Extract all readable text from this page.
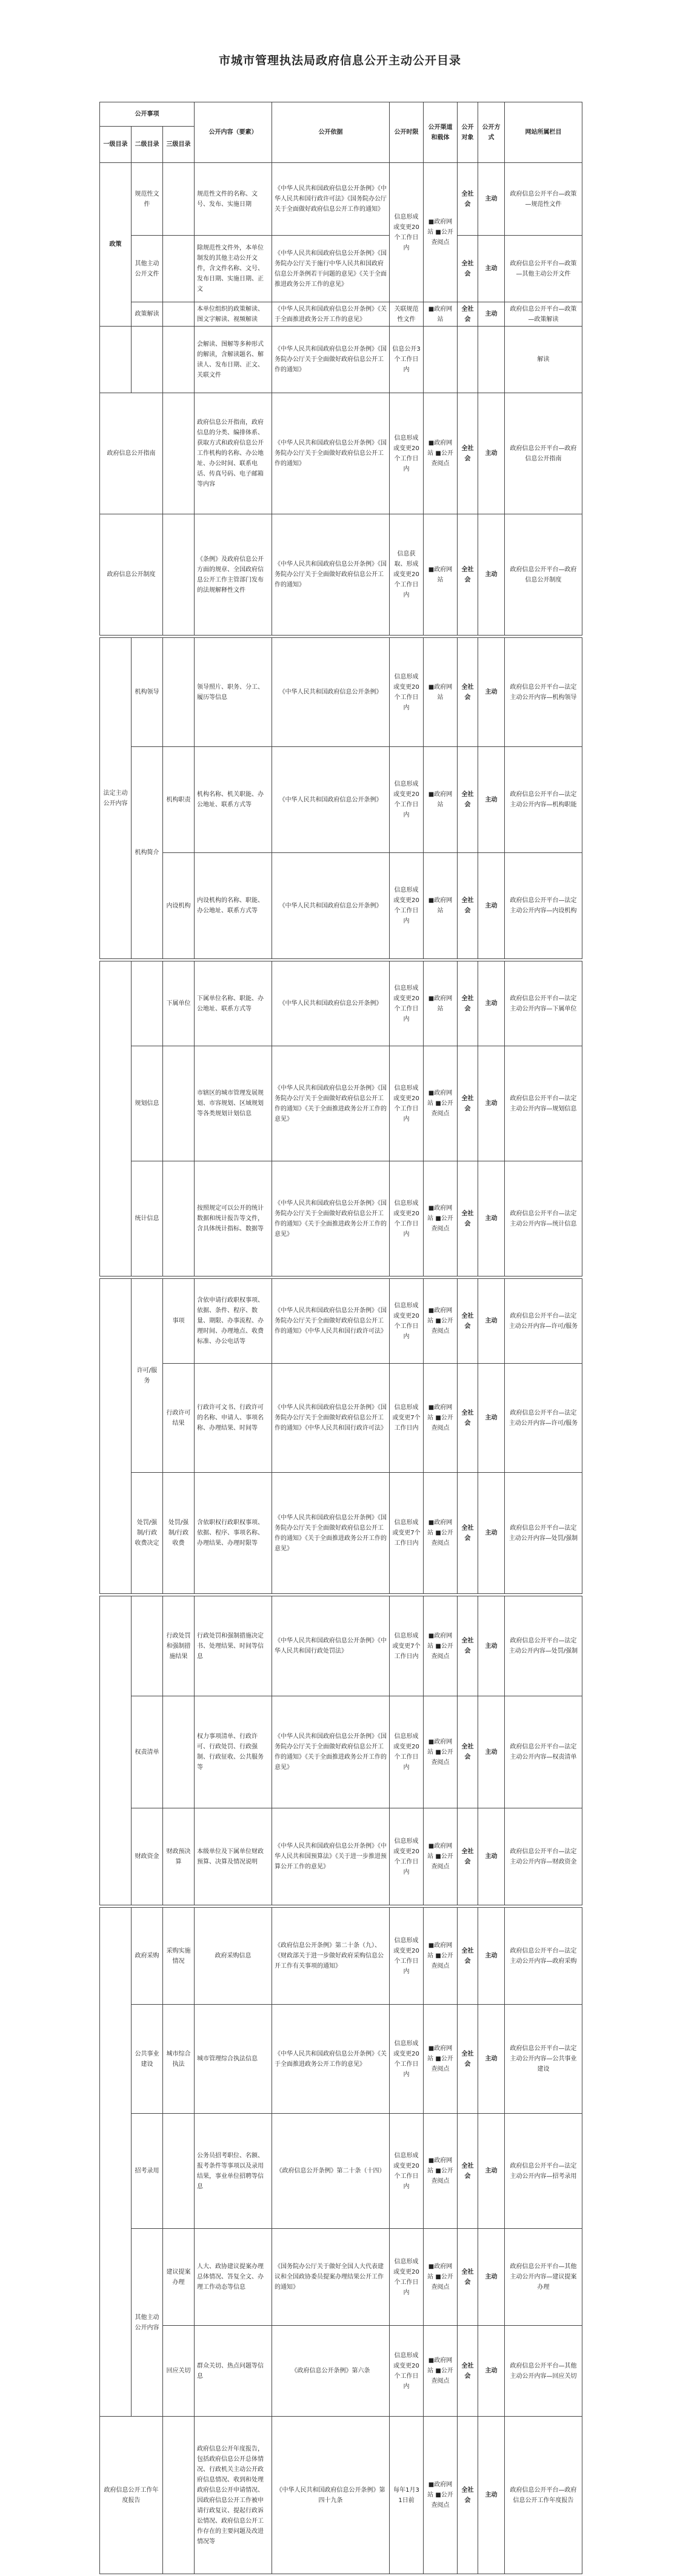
市城市管理执法局政府信息公开主动公开目录
公开事项			公开内容（要素）	公开依据	公开时限	公开渠道和载体	公开对象	公开方式	网站所属栏目
一级目录	二级目录	三级目录							
政策	规范性文件		规范性文件的名称、文号、发布、实施日期	《中华人民共和国政府信息公开条例》《中华人民共和国行政许可法》《国务院办公厅关于全面做好政府信息公开工作的通知》	信息形成或变更20个工作日内	■政府网站 ■公开查阅点	全社会	主动	政府信息公开平台—政策—规范性文件
	其他主动公开文件		除规范性文件外，本单位制发的其他主动公开文件，含文件名称、文号、发布日期、实施日期、正文	《中华人民共和国政府信息公开条例》《国务院办公厅关于施行中华人民共和国政府信息公开条例若干问题的意见》《关于全面推进政务公开工作的意见》			全社会	主动	政府信息公开平台—政策—其他主动公开文件
	政策解读		本单位组织的政策解读、图文字解读、视频解读	《中华人民共和国政府信息公开条例》《关于全面推进政务公开工作的意见》	关联规范性文件	■政府网站	全社会	主动	政府信息公开平台—政策—政策解读
			会解读、图解等多种形式的解读，含解读题名、解读人、发布日期、正文、关联文件	《中华人民共和国政府信息公开条例》《国务院办公厅关于全面做好政府信息公开工作的通知》	信息公开3个工作日内				解读
政府信息公开指南			政府信息公开指南，政府信息的分类、编排体系、获取方式和政府信息公开工作机构的名称、办公地址、办公时间、联系电话、传真号码、电子邮箱等内容	《中华人民共和国政府信息公开条例》《国务院办公厅关于全面做好政府信息公开工作的通知》	信息形成或变更20个工作日内	■政府网站 ■公开查阅点	全社会	主动	政府信息公开平台—政府信息公开指南
政府信息公开制度			《条例》及政府信息公开方面的规章、全国政府信息公开工作主管部门发布的法规解释性文件	《中华人民共和国政府信息公开条例》《国务院办公厅关于全面做好政府信息公开工作的通知》	信息获取、形成或变更20个工作日内	■政府网站	全社会	主动	政府信息公开平台—政府信息公开制度
法定主动公开内容	机构领导		领导照片、职务、分工、履历等信息	《中华人民共和国政府信息公开条例》	信息形成或变更20个工作日内	■政府网站	全社会	主动	政府信息公开平台—法定主动公开内容—机构领导
	机构简介	机构职责	机构名称、机关职能、办公地址、联系方式等	《中华人民共和国政府信息公开条例》	信息形成或变更20个工作日内	■政府网站	全社会	主动	政府信息公开平台—法定主动公开内容—机构职能
		内设机构	内设机构的名称、职能、办公地址、联系方式等	《中华人民共和国政府信息公开条例》	信息形成或变更20个工作日内	■政府网站	全社会	主动	政府信息公开平台—法定主动公开内容—内设机构
		下属单位	下属单位名称、职能、办公地址、联系方式等	《中华人民共和国政府信息公开条例》	信息形成或变更20个工作日内	■政府网站	全社会	主动	政府信息公开平台—法定主动公开内容—下属单位
	规划信息		市辖区的城市管理发展规划、市容规划、区域规划等各类规划计划信息	《中华人民共和国政府信息公开条例》《国务院办公厅关于全面做好政府信息公开工作的通知》《关于全面推进政务公开工作的意见》	信息形成或变更20个工作日内	■政府网站 ■公开查阅点	全社会	主动	政府信息公开平台—法定主动公开内容—规划信息
	统计信息		按照规定可以公开的统计数据和统计报告等文件，含具体统计指标、数据等	《中华人民共和国政府信息公开条例》《国务院办公厅关于全面做好政府信息公开工作的通知》《关于全面推进政务公开工作的意见》	信息形成或变更20个工作日内	■政府网站 ■公开查阅点	全社会	主动	政府信息公开平台—法定主动公开内容—统计信息
	许可/服务	事项	含依申请行政职权事项、依据、条件、程序、数量、期限、办事流程、办理时间、办理地点、收费标准、办公电话等	《中华人民共和国政府信息公开条例》《国务院办公厅关于全面做好政府信息公开工作的通知》《中华人民共和国行政许可法》	信息形成或变更20个工作日内	■政府网站 ■公开查阅点	全社会	主动	政府信息公开平台—法定主动公开内容—许可/服务
		行政许可结果	行政许可文书、行政许可的名称、申请人、事项名称、办理结果、时间等	《中华人民共和国政府信息公开条例》《国务院办公厅关于全面做好政府信息公开工作的通知》《中华人民共和国行政许可法》	信息形成或变更7个工作日内	■政府网站 ■公开查阅点	全社会	主动	政府信息公开平台—法定主动公开内容—许可/服务
	处罚/强制/行政收费决定	处罚/强制/行政收费	含依职权行政职权事项、依据、程序、事项名称、办理结果、办理时限等	《中华人民共和国政府信息公开条例》《国务院办公厅关于全面做好政府信息公开工作的通知》《关于全面推进政务公开工作的意见》	信息形成或变更7个工作日内	■政府网站 ■公开查阅点	全社会	主动	政府信息公开平台—法定主动公开内容—处罚/强制
		行政处罚和强制措施结果	行政处罚和强制措施决定书、处理结果、时间等信息	《中华人民共和国政府信息公开条例》《中华人民共和国行政处罚法》	信息形成或变更7个工作日内	■政府网站 ■公开查阅点	全社会	主动	政府信息公开平台—法定主动公开内容—处罚/强制
	权责清单		权力事项清单、行政许可、行政处罚、行政强制、行政征收、公共服务等	《中华人民共和国政府信息公开条例》《国务院办公厅关于全面做好政府信息公开工作的通知》《关于全面推进政务公开工作的意见》	信息形成或变更20个工作日内	■政府网站 ■公开查阅点	全社会	主动	政府信息公开平台—法定主动公开内容—权责清单
	财政资金	财政预决算	本级单位及下属单位财政预算、决算及情况说明	《中华人民共和国政府信息公开条例》《中华人民共和国预算法》《关于进一步推进预算公开工作的意见》	信息形成或变更20个工作日内	■政府网站 ■公开查阅点	全社会	主动	政府信息公开平台—法定主动公开内容—财政资金
	政府采购	采购实施情况	政府采购信息	《政府信息公开条例》第二十条（九）、《财政部关于进一步做好政府采购信息公开工作有关事项的通知》	信息形成或变更20个工作日内	■政府网站 ■公开查阅点	全社会	主动	政府信息公开平台—法定主动公开内容—政府采购
	公共事业建设	城市综合执法	城市管理综合执法信息	《中华人民共和国政府信息公开条例》《关于全面推进政务公开工作的意见》	信息形成或变更20个工作日内	■政府网站 ■公开查阅点	全社会	主动	政府信息公开平台—法定主动公开内容—公共事业建设
	招考录用		公务员招考职位、名额、报考条件等事项以及录用结果，事业单位招聘等信息	《政府信息公开条例》第二十条（十四）	信息形成或变更20个工作日内	■政府网站 ■公开查阅点	全社会	主动	政府信息公开平台—法定主动公开内容—招考录用
	其他主动公开内容	建议提案办理	人大、政协建议提案办理总体情况、答复全文、办理工作动态等信息	《国务院办公厅关于做好全国人大代表建议和全国政协委员提案办理结果公开工作的通知》	信息形成或变更20个工作日内	■政府网站 ■公开查阅点	全社会	主动	政府信息公开平台—其他主动公开内容—建议提案办理
		回应关切	群众关切、热点问题等信息	《政府信息公开条例》第六条	信息形成或变更20个工作日内	■政府网站 ■公开查阅点	全社会	主动	政府信息公开平台—其他主动公开内容—回应关切
政府信息公开工作年度报告			政府信息公开年度报告，包括政府信息公开总体情况、行政机关主动公开政府信息情况、收到和处理政府信息公开申请情况、因政府信息公开工作被申请行政复议、提起行政诉讼情况、政府信息公开工作存在的主要问题及改进情况等	《中华人民共和国政府信息公开条例》第四十九条	每年1月31日前	■政府网站 ■公开查阅点	全社会	主动	政府信息公开平台—政府信息公开工作年度报告
